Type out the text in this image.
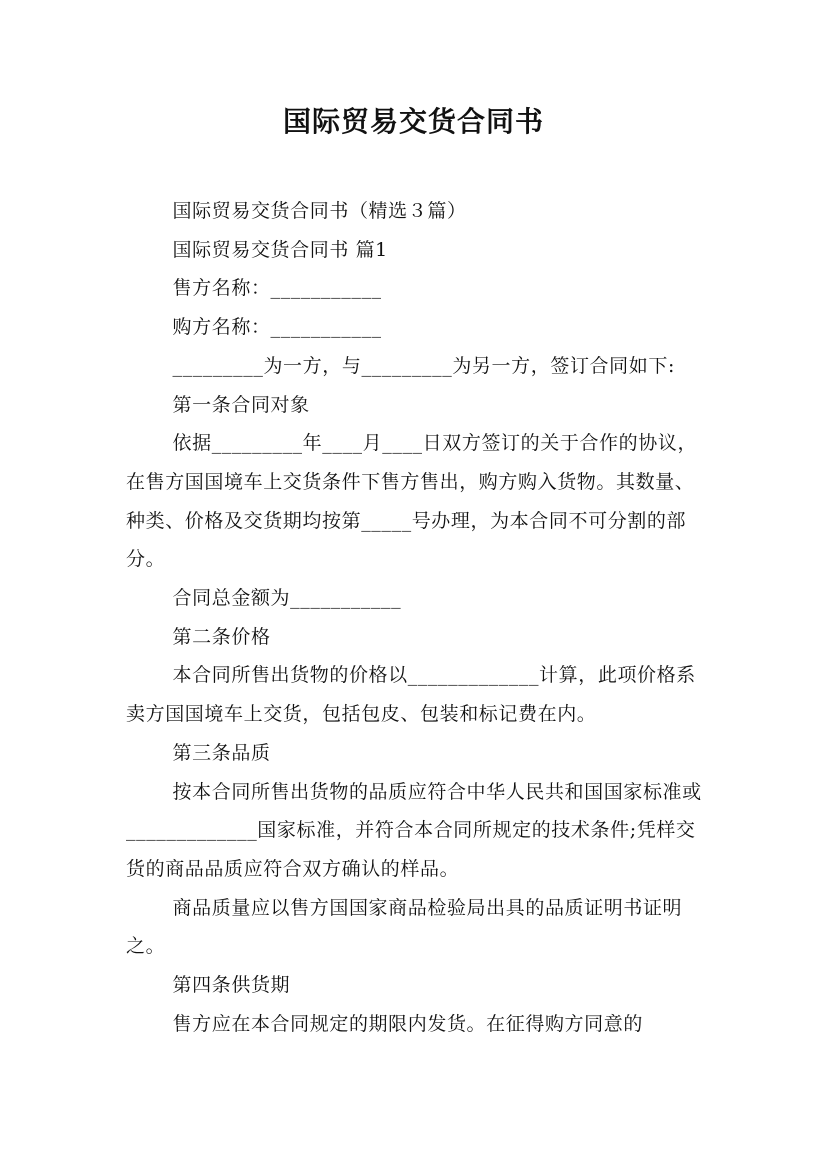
国际贸易交货合同书

国际贸易交货合同书（精选３篇）

国际贸易交货合同书 篇1

售方名称：___________

购方名称：___________

_________为一方，与_________为另一方，签订合同如下:

第一条合同对象

依据_________年____月____日双方签订的关于合作的协议，在售方国国境车上交货条件下售方售出，购方购入货物。其数量、种类、价格及交货期均按第_____号办理，为本合同不可分割的部分。

合同总金额为___________

第二条价格

本合同所售出货物的价格以_____________计算，此项价格系卖方国国境车上交货，包括包皮、包装和标记费在内。

第三条品质

按本合同所售出货物的品质应符合中华人民共和国国家标准或_____________国家标准，并符合本合同所规定的技术条件;凭样交货的商品品质应符合双方确认的样品。

商品质量应以售方国国家商品检验局出具的品质证明书证明之。

第四条供货期

售方应在本合同规定的期限内发货。在征得购方同意的
